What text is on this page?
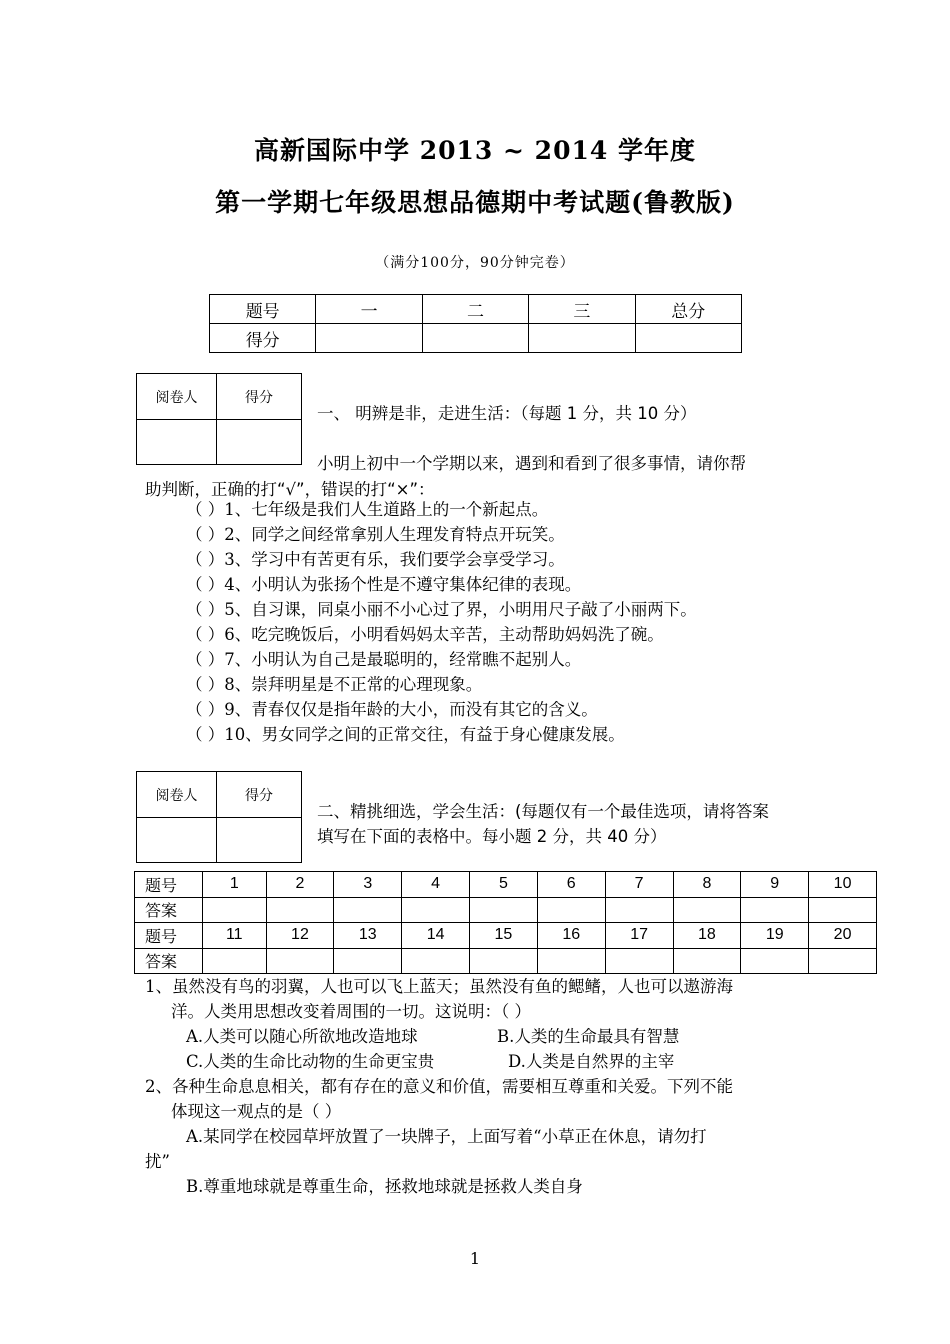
高新国际中学 2013 ~ 2014 学年度
第一学期七年级思想品德期中考试题(鲁教版)
（满分100分，90分钟完卷）
题号	一	二	三	总分
得分				
阅卷人	得分

一、 明辨是非，走进生活：（每题 1 分，共 10 分）
小明上初中一个学期以来，遇到和看到了很多事情，请你帮
助判断，正确的打“√”，错误的打“×”：
（ ）1、七年级是我们人生道路上的一个新起点。
（ ）2、同学之间经常拿别人生理发育特点开玩笑。
（ ）3、学习中有苦更有乐，我们要学会享受学习。
（ ）4、小明认为张扬个性是不遵守集体纪律的表现。
（ ）5、自习课，同桌小丽不小心过了界，小明用尺子敲了小丽两下。
（ ）6、吃完晚饭后，小明看妈妈太辛苦，主动帮助妈妈洗了碗。
（ ）7、小明认为自己是最聪明的，经常瞧不起别人。
（ ）8、崇拜明星是不正常的心理现象。
（ ）9、青春仅仅是指年龄的大小，而没有其它的含义。
（ ）10、男女同学之间的正常交往，有益于身心健康发展。
阅卷人	得分

二、精挑细选，学会生活：(每题仅有一个最佳选项，请将答案
填写在下面的表格中。每小题 2 分，共 40 分）
题号	1	2	3	4	5	6	7	8	9	10
答案										
题号	11	12	13	14	15	16	17	18	19	20
答案										
1、虽然没有鸟的羽翼，人也可以飞上蓝天；虽然没有鱼的鳃鳍，人也可以遨游海
洋。人类用思想改变着周围的一切。这说明：（ ）
A.人类可以随心所欲地改造地球	B.人类的生命最具有智慧
C.人类的生命比动物的生命更宝贵	D.人类是自然界的主宰
2、各种生命息息相关，都有存在的意义和价值，需要相互尊重和关爱。下列不能
体现这一观点的是（ ）
A.某同学在校园草坪放置了一块牌子，上面写着“小草正在休息，请勿打
扰”
B.尊重地球就是尊重生命，拯救地球就是拯救人类自身
1
